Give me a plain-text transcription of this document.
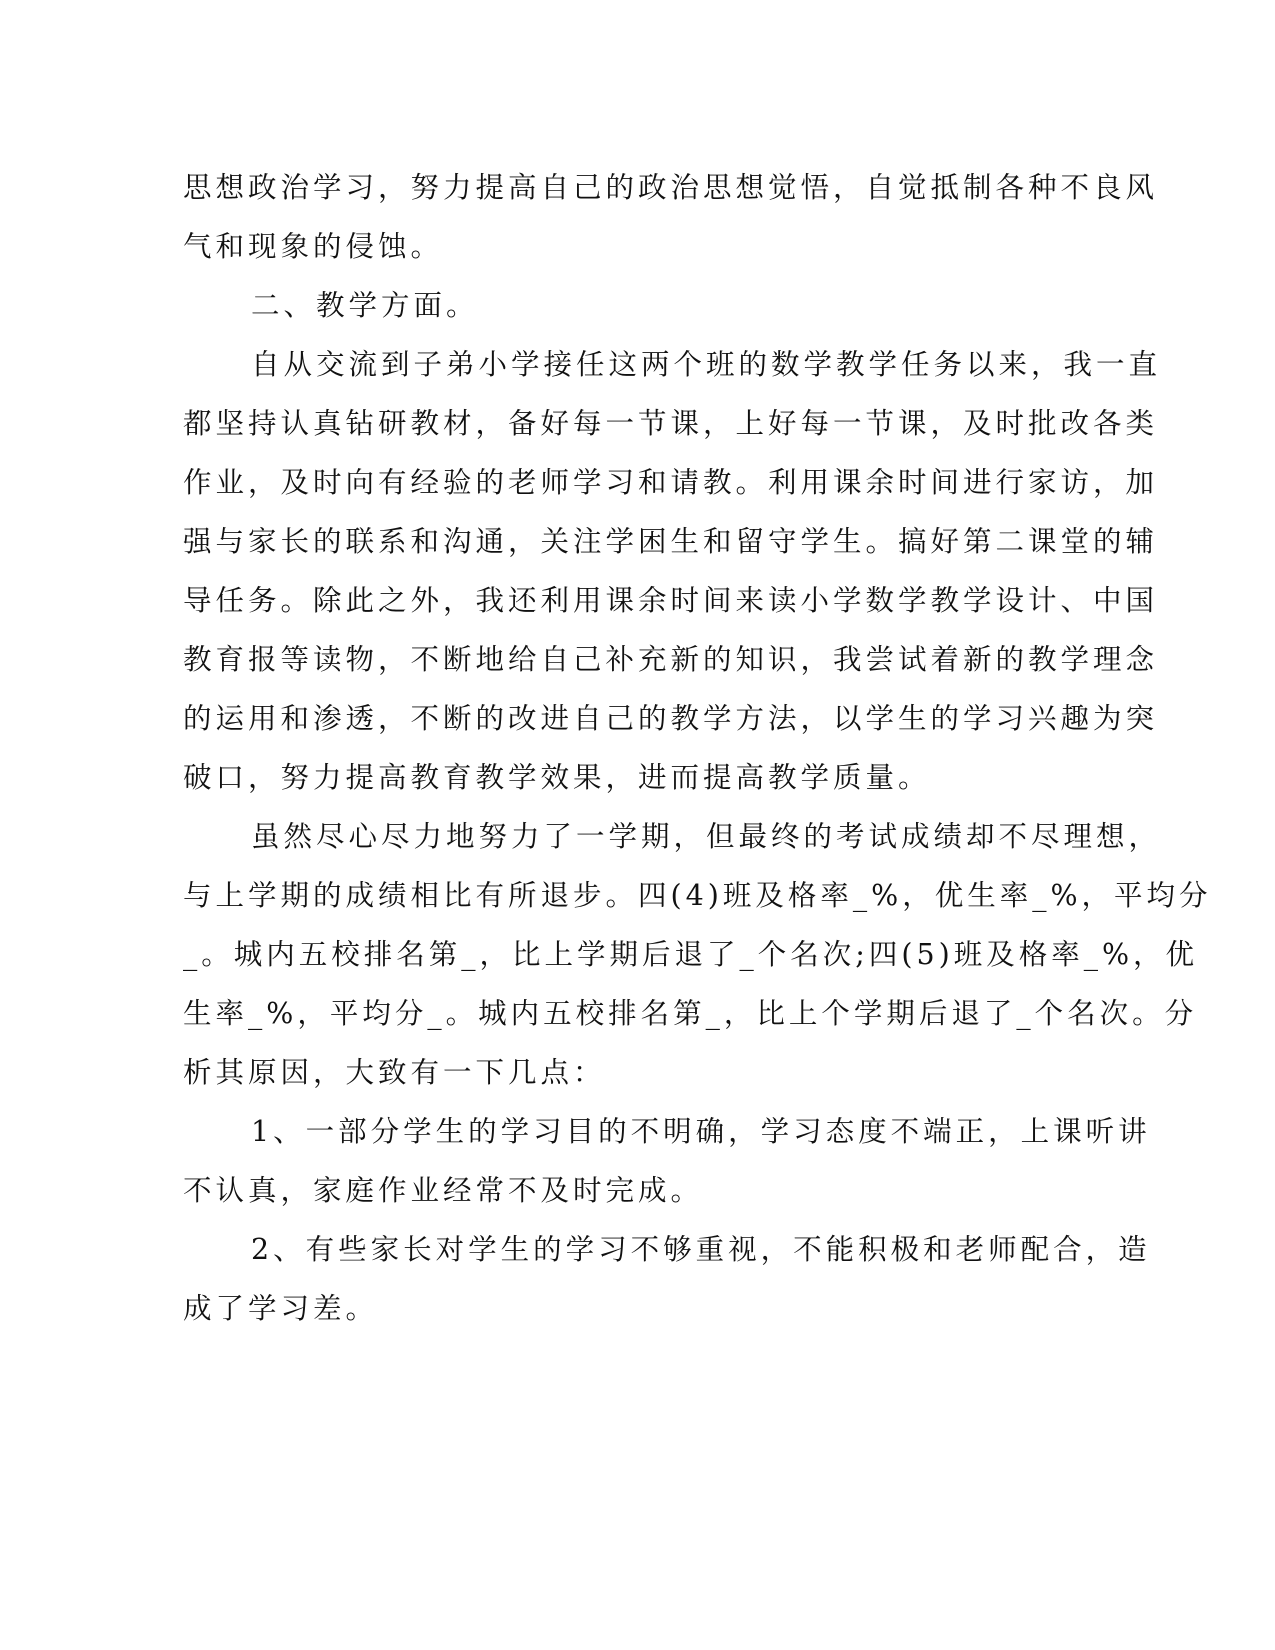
思想政治学习，努力提高自己的政治思想觉悟，自觉抵制各种不良风
气和现象的侵蚀。

二、教学方面。

自从交流到子弟小学接任这两个班的数学教学任务以来，我一直
都坚持认真钻研教材，备好每一节课，上好每一节课，及时批改各类
作业，及时向有经验的老师学习和请教。利用课余时间进行家访，加
强与家长的联系和沟通，关注学困生和留守学生。搞好第二课堂的辅
导任务。除此之外，我还利用课余时间来读小学数学教学设计、中国
教育报等读物，不断地给自己补充新的知识，我尝试着新的教学理念
的运用和渗透，不断的改进自己的教学方法，以学生的学习兴趣为突
破口，努力提高教育教学效果，进而提高教学质量。

虽然尽心尽力地努力了一学期，但最终的考试成绩却不尽理想，
与上学期的成绩相比有所退步。四(4)班及格率_%，优生率_%，平均分
_。城内五校排名第_，比上学期后退了_个名次;四(5)班及格率_%，优
生率_%，平均分_。城内五校排名第_，比上个学期后退了_个名次。分
析其原因，大致有一下几点：

1、一部分学生的学习目的不明确，学习态度不端正，上课听讲
不认真，家庭作业经常不及时完成。

2、有些家长对学生的学习不够重视，不能积极和老师配合，造
成了学习差。
